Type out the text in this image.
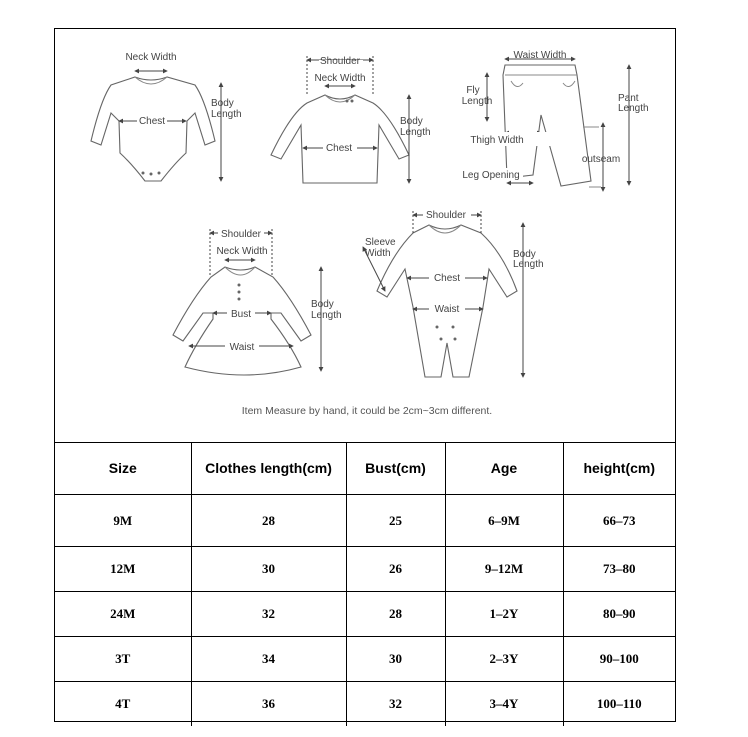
Neck Width
Body
Length
Chest
Shoulder
Neck Width
Body
Length
Chest
Waist Width
Fly
Length	Pant
Length
Thigh Width
outseam
Leg Opening
Shoulder
Neck Width
Body
Length
Bust
Waist
Shoulder
Sleeve
Width	Body
Length
Chest
Waist
Item Measure by hand, it could be 2cm~3cm different.
Size	Clothes length(cm)	Bust(cm)	Age	height(cm)
9M	28	25	6–9M	66–73
12M	30	26	9–12M	73–80
24M	32	28	1–2Y	80–90
3T	34	30	2–3Y	90–100
4T	36	32	3–4Y	100–110
